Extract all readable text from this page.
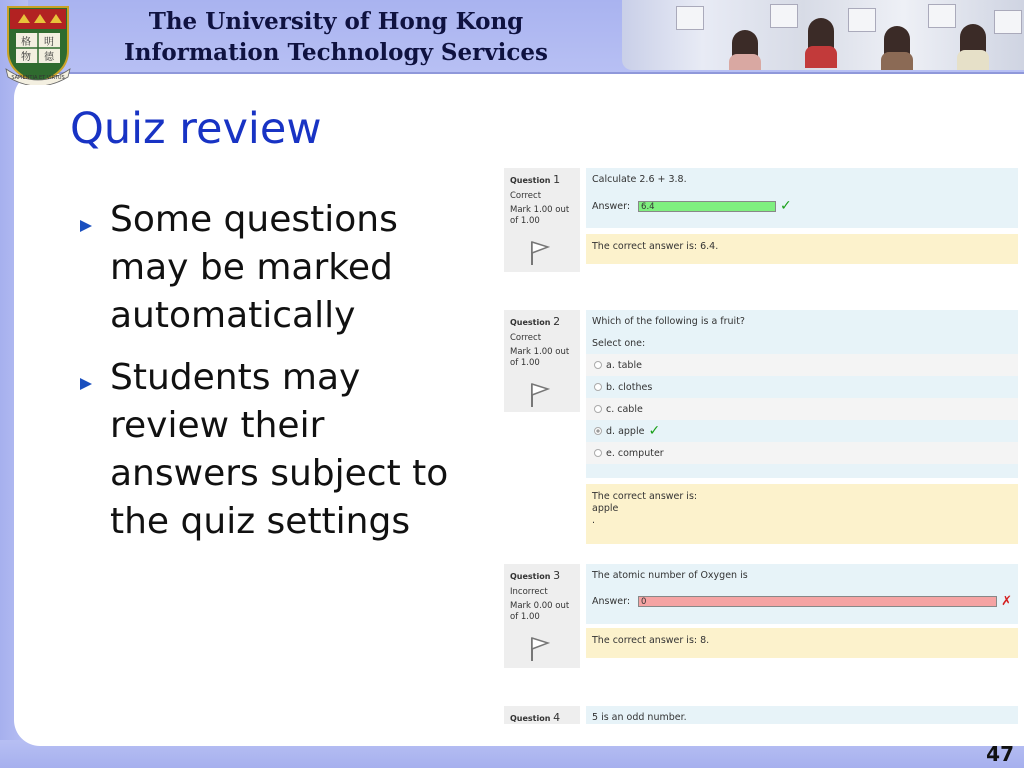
格 明
物 德
SAPIENTIA ET VIRTUS
The University of Hong Kong
Information Technology Services
Quiz review
Some questions may be marked automatically
Students may review their answers subject to the quiz settings
Question 1
Correct
Mark 1.00 out of 1.00
Calculate 2.6 + 3.8.
Answer:	6.4	✓
The correct answer is: 6.4.
Question 2
Correct
Mark 1.00 out of 1.00
Which of the following is a fruit?
Select one:
a. table
b. clothes
c. cable
d. apple ✓
e. computer
The correct answer is:
apple
.
Question 3
Incorrect
Mark 0.00 out of 1.00
The atomic number of Oxygen is
Answer:	0	✗
The correct answer is: 8.
Question 4	5 is an odd number.
47
